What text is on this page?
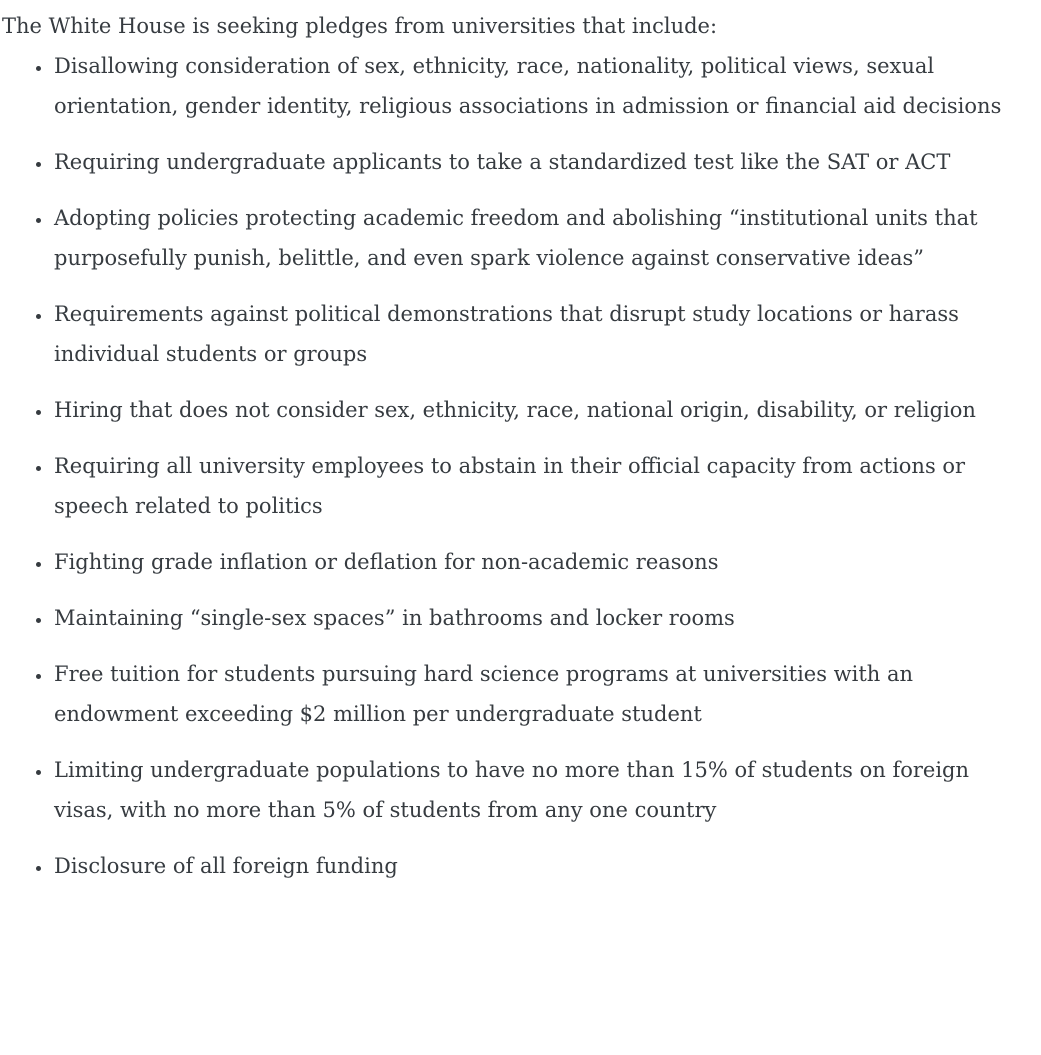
The White House is seeking pledges from universities that include:

• Disallowing consideration of sex, ethnicity, race, nationality, political views, sexual orientation, gender identity, religious associations in admission or financial aid decisions
• Requiring undergraduate applicants to take a standardized test like the SAT or ACT
• Adopting policies protecting academic freedom and abolishing “institutional units that purposefully punish, belittle, and even spark violence against conservative ideas”
• Requirements against political demonstrations that disrupt study locations or harass individual students or groups
• Hiring that does not consider sex, ethnicity, race, national origin, disability, or religion
• Requiring all university employees to abstain in their official capacity from actions or speech related to politics
• Fighting grade inflation or deflation for non-academic reasons
• Maintaining “single-sex spaces” in bathrooms and locker rooms
• Free tuition for students pursuing hard science programs at universities with an endowment exceeding $2 million per undergraduate student
• Limiting undergraduate populations to have no more than 15% of students on foreign visas, with no more than 5% of students from any one country
• Disclosure of all foreign funding
